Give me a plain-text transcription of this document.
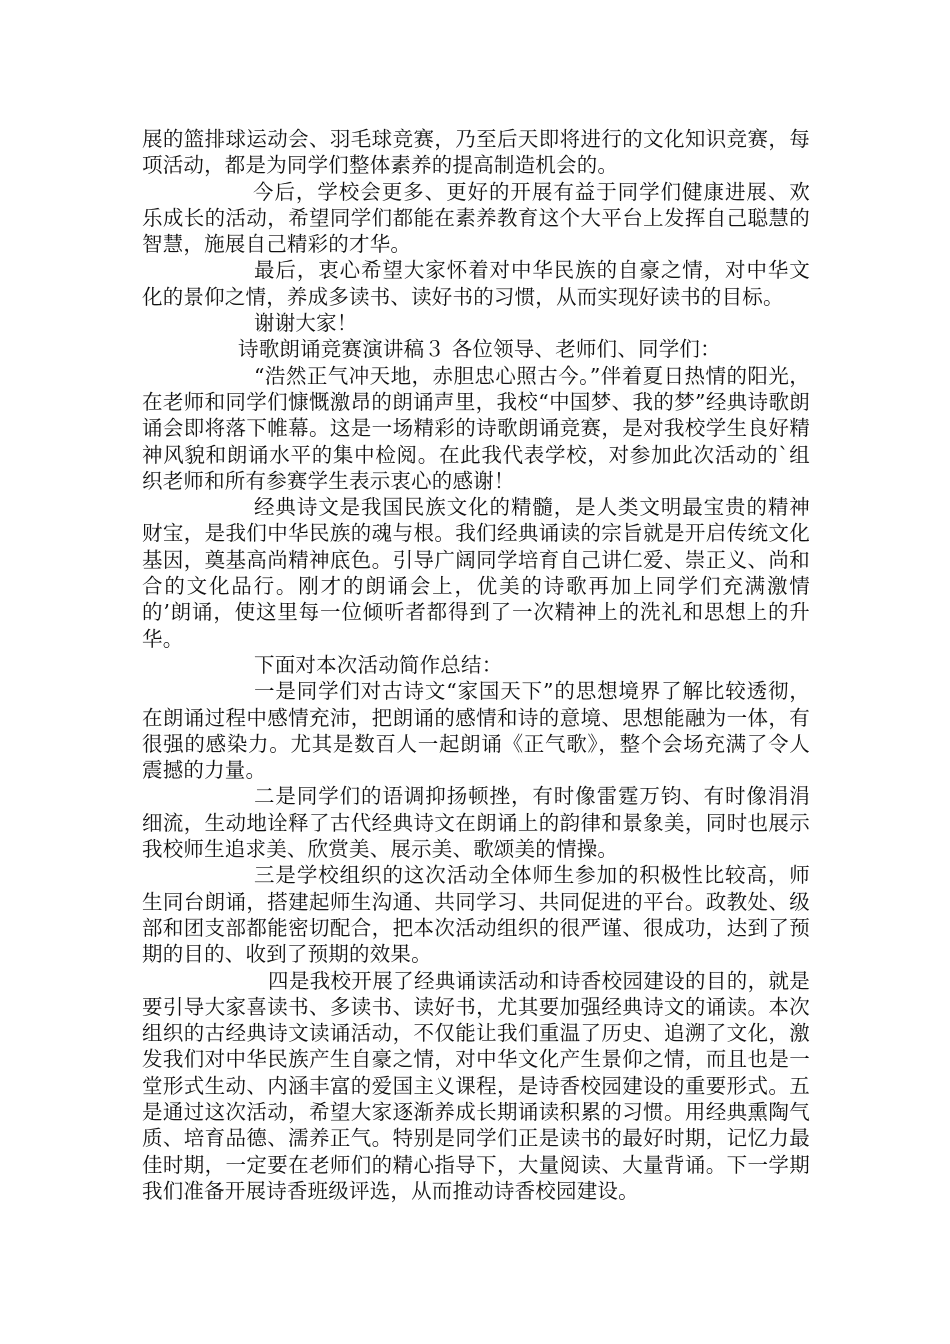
展的篮排球运动会、羽毛球竞赛，乃至后天即将进行的文化知识竞赛，每项活动，都是为同学们整体素养的提高制造机会的。

今后，学校会更多、更好的开展有益于同学们健康进展、欢乐成长的活动，希望同学们都能在素养教育这个大平台上发挥自己聪慧的智慧，施展自己精彩的才华。

最后，衷心希望大家怀着对中华民族的自豪之情，对中华文化的景仰之情，养成多读书、读好书的习惯，从而实现好读书的目标。

谢谢大家！

诗歌朗诵竞赛演讲稿３ 各位领导、老师们、同学们：

“浩然正气冲天地，赤胆忠心照古今。”伴着夏日热情的阳光，在老师和同学们慷慨激昂的朗诵声里，我校“中国梦、我的梦”经典诗歌朗诵会即将落下帷幕。这是一场精彩的诗歌朗诵竞赛，是对我校学生良好精神风貌和朗诵水平的集中检阅。在此我代表学校，对参加此次活动的`组织老师和所有参赛学生表示衷心的感谢！

经典诗文是我国民族文化的精髓，是人类文明最宝贵的精神财宝，是我们中华民族的魂与根。我们经典诵读的宗旨就是开启传统文化基因，奠基高尚精神底色。引导广阔同学培育自己讲仁爱、崇正义、尚和合的文化品行。刚才的朗诵会上，优美的诗歌再加上同学们充满激情的’朗诵，使这里每一位倾听者都得到了一次精神上的洗礼和思想上的升华。

下面对本次活动简作总结：

一是同学们对古诗文“家国天下”的思想境界了解比较透彻，在朗诵过程中感情充沛，把朗诵的感情和诗的意境、思想能融为一体，有很强的感染力。尤其是数百人一起朗诵《正气歌》，整个会场充满了令人震撼的力量。

二是同学们的语调抑扬顿挫，有时像雷霆万钧、有时像涓涓细流，生动地诠释了古代经典诗文在朗诵上的韵律和景象美，同时也展示我校师生追求美、欣赏美、展示美、歌颂美的情操。

三是学校组织的这次活动全体师生参加的积极性比较高，师生同台朗诵，搭建起师生沟通、共同学习、共同促进的平台。政教处、级部和团支部都能密切配合，把本次活动组织的很严谨、很成功，达到了预期的目的、收到了预期的效果。

四是我校开展了经典诵读活动和诗香校园建设的目的，就是要引导大家喜读书、多读书、读好书，尤其要加强经典诗文的诵读。本次组织的古经典诗文读诵活动，不仅能让我们重温了历史、追溯了文化，激发我们对中华民族产生自豪之情，对中华文化产生景仰之情，而且也是一堂形式生动、内涵丰富的爱国主义课程，是诗香校园建设的重要形式。五是通过这次活动，希望大家逐渐养成长期诵读积累的习惯。用经典熏陶气质、培育品德、濡养正气。特别是同学们正是读书的最好时期，记忆力最佳时期，一定要在老师们的精心指导下，大量阅读、大量背诵。下一学期我们准备开展诗香班级评选，从而推动诗香校园建设。
